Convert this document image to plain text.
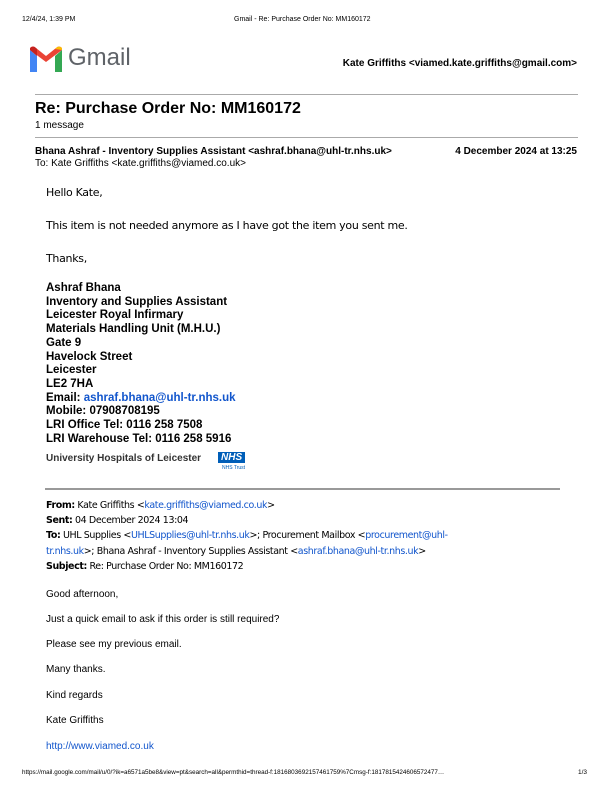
12/4/24, 1:39 PM	Gmail - Re: Purchase Order No: MM160172
Gmail	Kate Griffiths <viamed.kate.griffiths@gmail.com>
Re: Purchase Order No: MM160172
1 message
Bhana Ashraf - Inventory Supplies Assistant <ashraf.bhana@uhl-tr.nhs.uk>	4 December 2024 at 13:25
To: Kate Griffiths <kate.griffiths@viamed.co.uk>
Hello Kate,
This item is not needed anymore as I have got the item you sent me.
Thanks,
Ashraf Bhana
Inventory and Supplies Assistant
Leicester Royal Infirmary
Materials Handling Unit (M.H.U.)
Gate 9
Havelock Street
Leicester
LE2 7HA
Email: ashraf.bhana@uhl-tr.nhs.uk
Mobile: 07908708195
LRI Office Tel: 0116 258 7508
LRI Warehouse Tel: 0116 258 5916
University Hospitals of Leicester	NHS
NHS Trust
From: Kate Griffiths <kate.griffiths@viamed.co.uk>
Sent: 04 December 2024 13:04
To: UHL Supplies <UHLSupplies@uhl-tr.nhs.uk>; Procurement Mailbox <procurement@uhl-
tr.nhs.uk>; Bhana Ashraf - Inventory Supplies Assistant <ashraf.bhana@uhl-tr.nhs.uk>
Subject: Re: Purchase Order No: MM160172
Good afternoon,
Just a quick email to ask if this order is still required?
Please see my previous email.
Many thanks.
Kind regards
Kate Griffiths
http://www.viamed.co.uk
https://mail.google.com/mail/u/0/?ik=a6571a5be8&view=pt&search=all&permthid=thread-f:1816803692157461759%7Cmsg-f:1817815424606572477…	1/3
